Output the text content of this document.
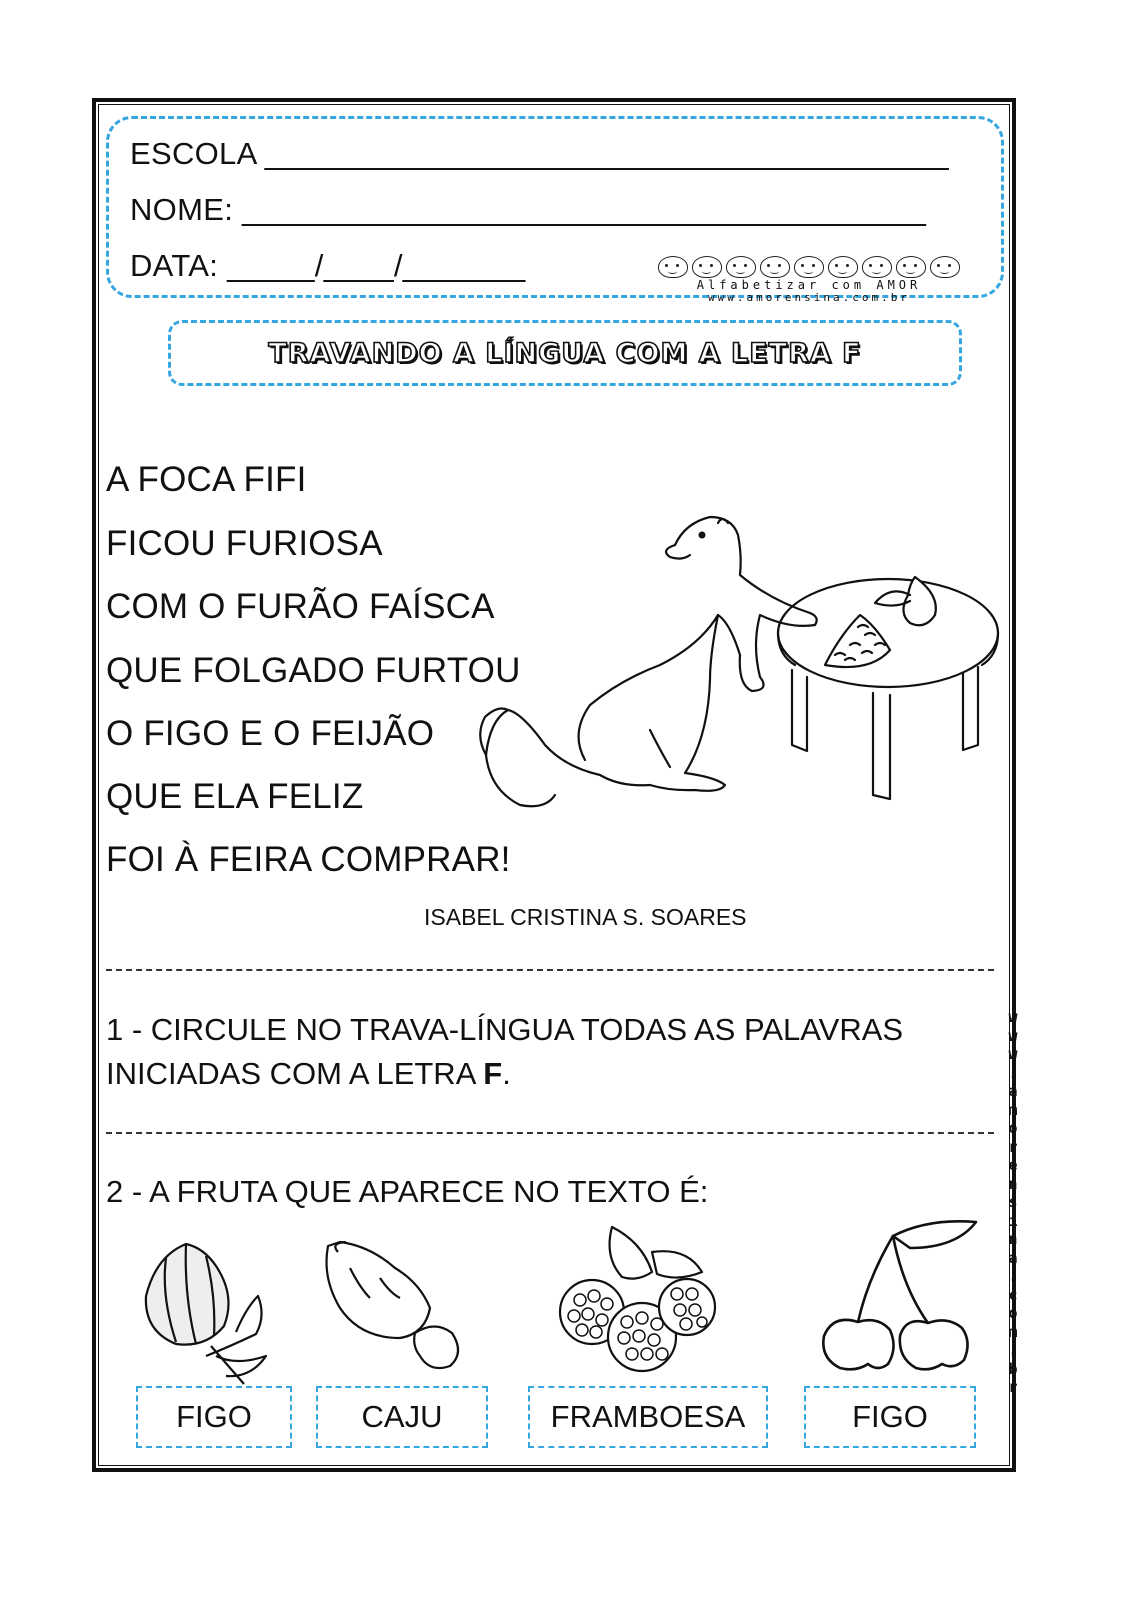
ESCOLA _______________________________________
NOME: _______________________________________
DATA: _____/____/_______
Alfabetizar com AMOR
www.amorensina.com.br
TRAVANDO A LÍNGUA COM A LETRA F
A FOCA FIFI
FICOU FURIOSA
COM O FURÃO FAÍSCA
QUE FOLGADO FURTOU
O FIGO E O FEIJÃO
QUE ELA FELIZ
FOI À FEIRA COMPRAR!
ISABEL CRISTINA S. SOARES
1 - CIRCULE NO TRAVA-LÍNGUA TODAS AS PALAVRAS
INICIADAS COM A LETRA F.
2 - A FRUTA QUE APARECE NO TEXTO É:
FIGO	CAJU	FRAMBOESA	FIGO
w
w
w
.
a
m
o
r
e
n
s
i
n
a
.
c
o
m
.
b
r
